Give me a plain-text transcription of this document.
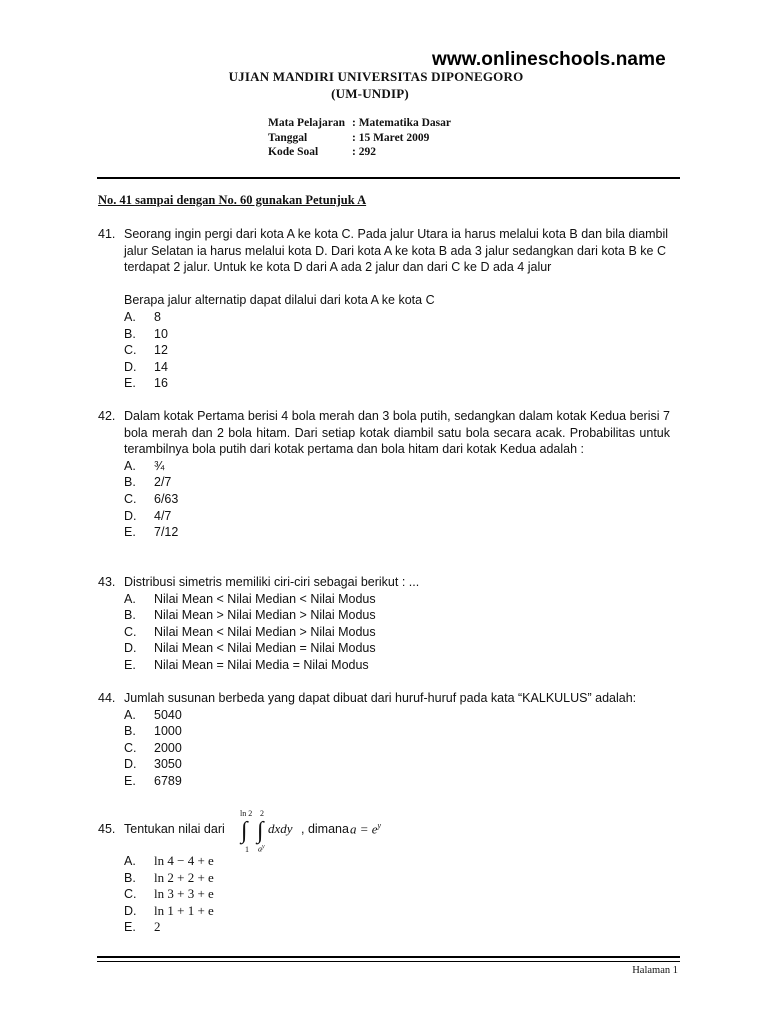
www.onlineschools.name
UJIAN MANDIRI UNIVERSITAS DIPONEGORO
(UM-UNDIP)
Mata Pelajaran : Matematika Dasar
Tanggal	: 15 Maret 2009
Kode Soal	: 292
No. 41 sampai dengan No. 60 gunakan Petunjuk A
41. Seorang ingin pergi dari kota A ke kota C. Pada jalur Utara ia harus melalui kota B dan bila diambil jalur Selatan ia harus melalui kota D. Dari kota A ke kota B ada 3 jalur sedangkan dari kota B ke C terdapat 2 jalur. Untuk ke kota D dari A ada 2 jalur dan dari C ke D ada 4 jalur
Berapa jalur alternatip dapat dilalui dari kota A ke kota C
A.	8
B.	10
C.	12
D.	14
E.	16
42. Dalam kotak Pertama berisi 4 bola merah dan 3 bola putih, sedangkan dalam kotak Kedua berisi 7 bola merah dan 2 bola hitam. Dari setiap kotak diambil satu bola secara acak. Probabilitas untuk terambilnya bola putih dari kotak pertama dan bola hitam dari kotak Kedua adalah :
A.	¾
B.	2/7
C.	6/63
D.	4/7
E.	7/12
43. Distribusi simetris memiliki ciri-ciri sebagai berikut : ...
A.	Nilai Mean < Nilai Median < Nilai Modus
B.	Nilai Mean > Nilai Median > Nilai Modus
C.	Nilai Mean < Nilai Median > Nilai Modus
D.	Nilai Mean < Nilai Median = Nilai Modus
E.	Nilai Mean = Nilai Media = Nilai Modus
44. Jumlah susunan berbeda yang dapat dibuat dari huruf-huruf pada kata “KALKULUS” adalah:
A.	5040
B.	1000
C.	2000
D.	3050
E.	6789
45. Tentukan nilai dari
ln 2
∫
1
2
∫
$a^y$
dxdy , dimana $a = e^y$
A.	ln 4 − 4 + e
B.	ln 2 + 2 + e
C.	ln 3 + 3 + e
D.	ln 1 + 1 + e
E.	2
Halaman 1
